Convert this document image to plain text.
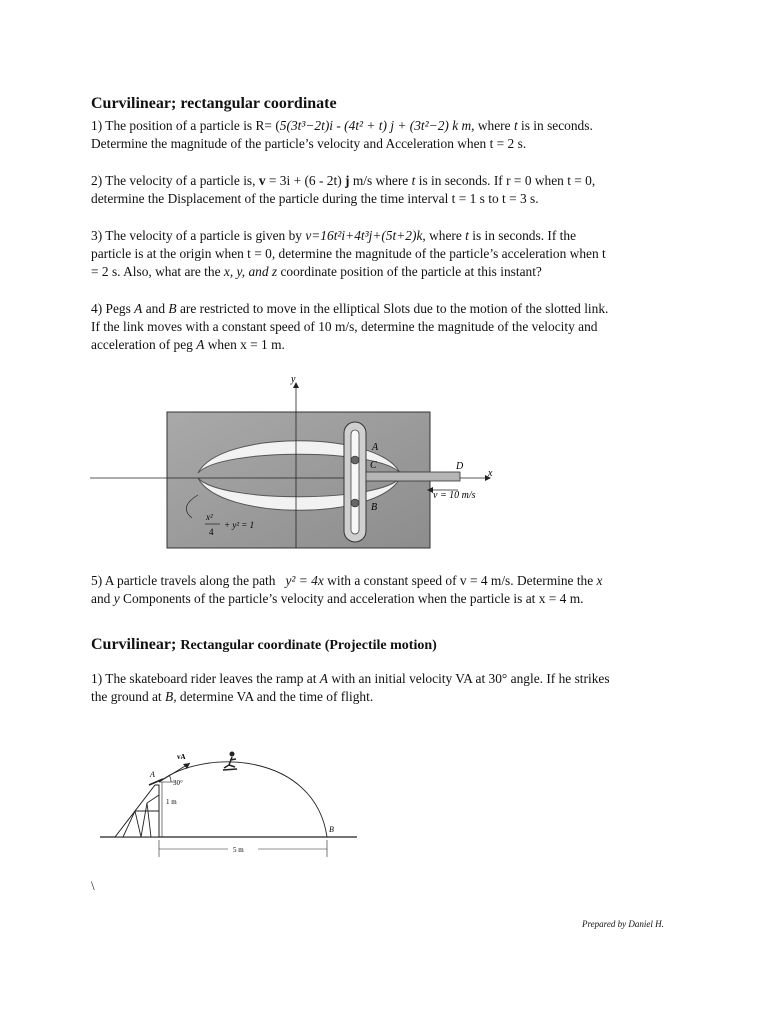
Curvilinear; rectangular coordinate
1) The position of a particle is R= (5(3t³−2t)i - (4t² + t) j + (3t²−2) k m, where t is in seconds.
Determine the magnitude of the particle’s velocity and Acceleration when t = 2 s.
2) The velocity of a particle is, v = 3i + (6 - 2t) j m/s where t is in seconds. If r = 0 when t = 0,
determine the Displacement of the particle during the time interval t = 1 s to t = 3 s.
3) The velocity of a particle is given by v=16t²i+4t³j+(5t+2)k, where t is in seconds. If the
particle is at the origin when t = 0, determine the magnitude of the particle’s acceleration when t
= 2 s. Also, what are the x, y, and z coordinate position of the particle at this instant?
4) Pegs A and B are restricted to move in the elliptical Slots due to the motion of the slotted link.
If the link moves with a constant speed of 10 m/s, determine the magnitude of the velocity and
acceleration of peg A when x = 1 m.
y
x
A
C
B
D
v = 10 m/s
x²
4
+ y² = 1
5) A particle travels along the path y² = 4x with a constant speed of v = 4 m/s. Determine the x
and y Components of the particle’s velocity and acceleration when the particle is at x = 4 m.
Curvilinear; Rectangular coordinate (Projectile motion)
1) The skateboard rider leaves the ramp at A with an initial velocity VA at 30° angle. If he strikes
the ground at B, determine VA and the time of flight.
vA
30°
A
B
1 m
5 m
\
Prepared by Daniel H.
